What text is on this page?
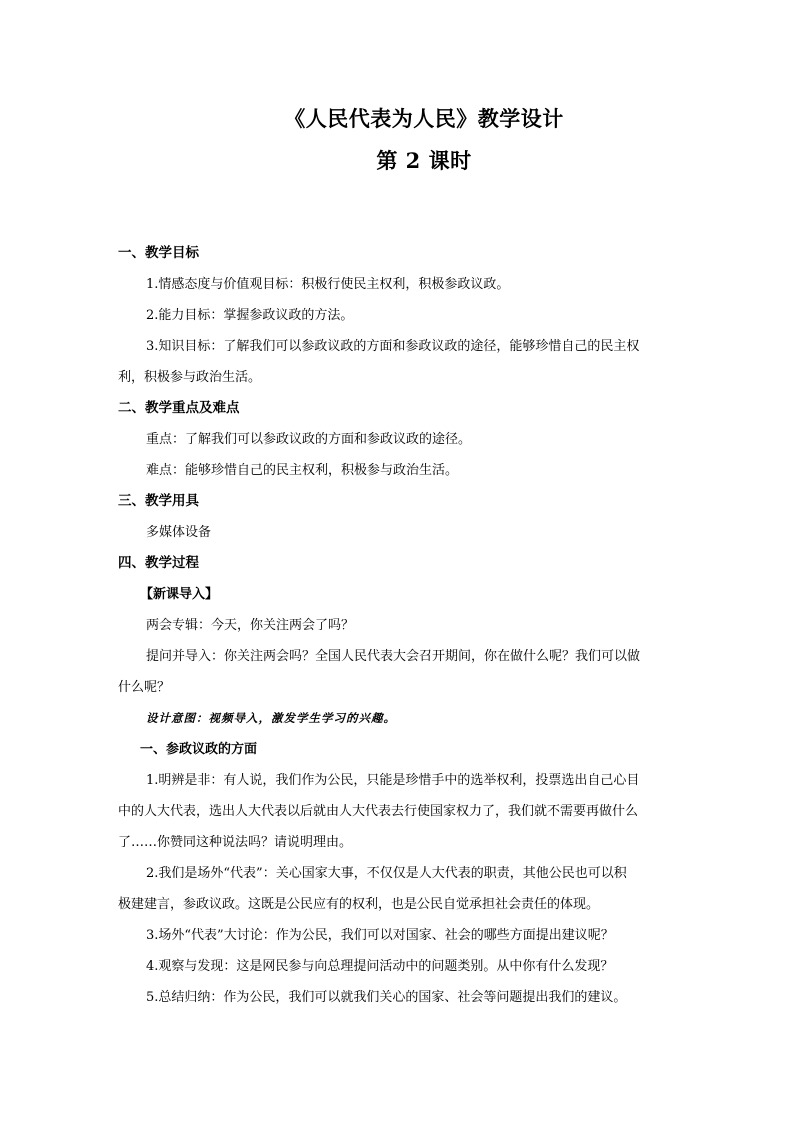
《人民代表为人民》教学设计
第 2 课时

一、教学目标

1.情感态度与价值观目标：积极行使民主权利，积极参政议政。

2.能力目标：掌握参政议政的方法。

3.知识目标：了解我们可以参政议政的方面和参政议政的途径，能够珍惜自己的民主权

利，积极参与政治生活。

二、教学重点及难点

重点：了解我们可以参政议政的方面和参政议政的途径。

难点：能够珍惜自己的民主权利，积极参与政治生活。

三、教学用具

多媒体设备

四、教学过程

【新课导入】

两会专辑：今天，你关注两会了吗？

提问并导入：你关注两会吗？全国人民代表大会召开期间，你在做什么呢？我们可以做

什么呢？

设计意图：视频导入，激发学生学习的兴趣。

一、参政议政的方面

1.明辨是非：有人说，我们作为公民，只能是珍惜手中的选举权利，投票选出自己心目

中的人大代表，选出人大代表以后就由人大代表去行使国家权力了，我们就不需要再做什么

了……你赞同这种说法吗？请说明理由。

2.我们是场外“代表”：关心国家大事，不仅仅是人大代表的职责，其他公民也可以积

极建建言，参政议政。这既是公民应有的权利，也是公民自觉承担社会责任的体现。

3.场外“代表”大讨论：作为公民，我们可以对国家、社会的哪些方面提出建议呢？

4.观察与发现：这是网民参与向总理提问活动中的问题类别。从中你有什么发现？

5.总结归纳：作为公民，我们可以就我们关心的国家、社会等问题提出我们的建议。
